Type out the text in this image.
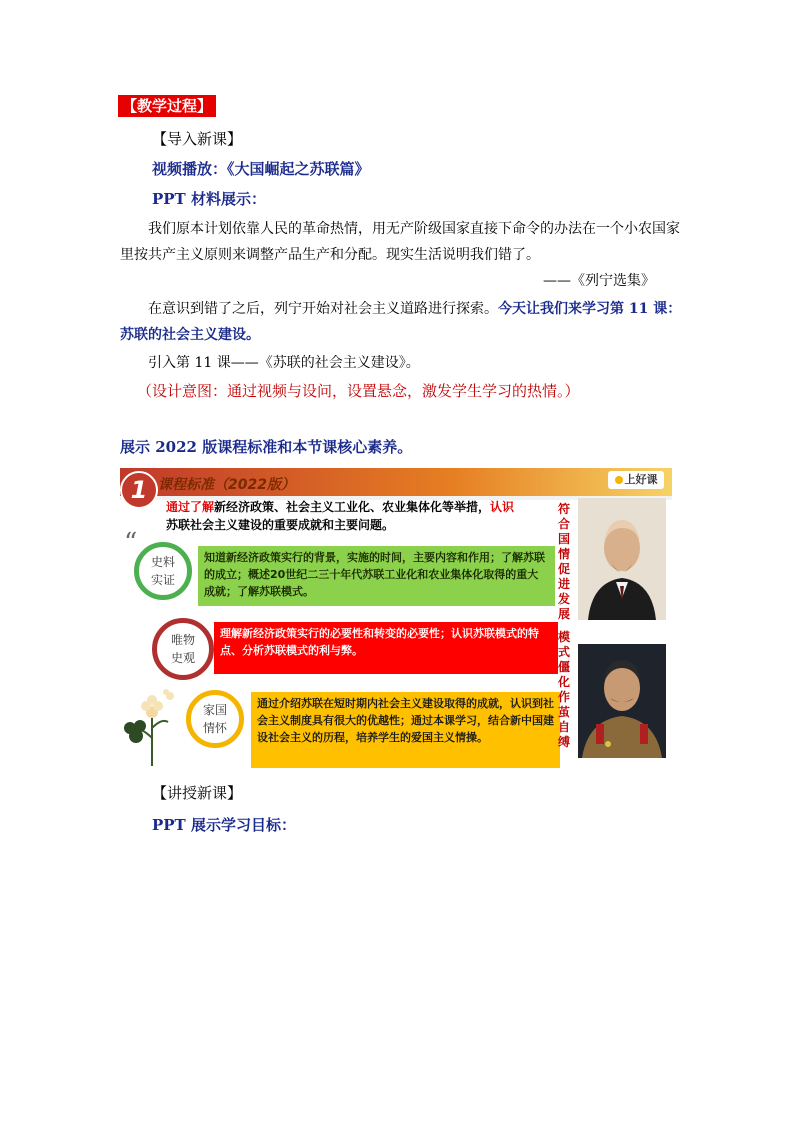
【教学过程】
【导入新课】
视频播放：《大国崛起之苏联篇》
PPT 材料展示：
我们原本计划依靠人民的革命热情，用无产阶级国家直接下命令的办法在一个小农国家
里按共产主义原则来调整产品生产和分配。现实生活说明我们错了。
——《列宁选集》
在意识到错了之后，列宁开始对社会主义道路进行探索。今天让我们来学习第 11 课：
苏联的社会主义建设。
引入第 11 课——《苏联的社会主义建设》。
（设计意图：通过视频与设问，设置悬念，激发学生学习的热情。）
展示 2022 版课程标准和本节课核心素养。
1 课程标准（2022版）	上好课
通过了解新经济政策、社会主义工业化、农业集体化等举措，认识
苏联社会主义建设的重要成就和主要问题。
“
史料实证
知道新经济政策实行的背景，实施的时间，主要内容和作用；了解苏联的成立；概述20世纪二三十年代苏联工业化和农业集体化取得的重大成就；了解苏联模式。
唯物史观
理解新经济政策实行的必要性和转变的必要性；认识苏联模式的特点、分析苏联模式的利与弊。
家国情怀
通过介绍苏联在短时期内社会主义建设取得的成就，认识到社会主义制度具有很大的优越性；通过本课学习，结合新中国建设社会主义的历程，培养学生的爱国主义情操。
符合国情促进发展
模式僵化作茧自缚
【讲授新课】
PPT 展示学习目标：
